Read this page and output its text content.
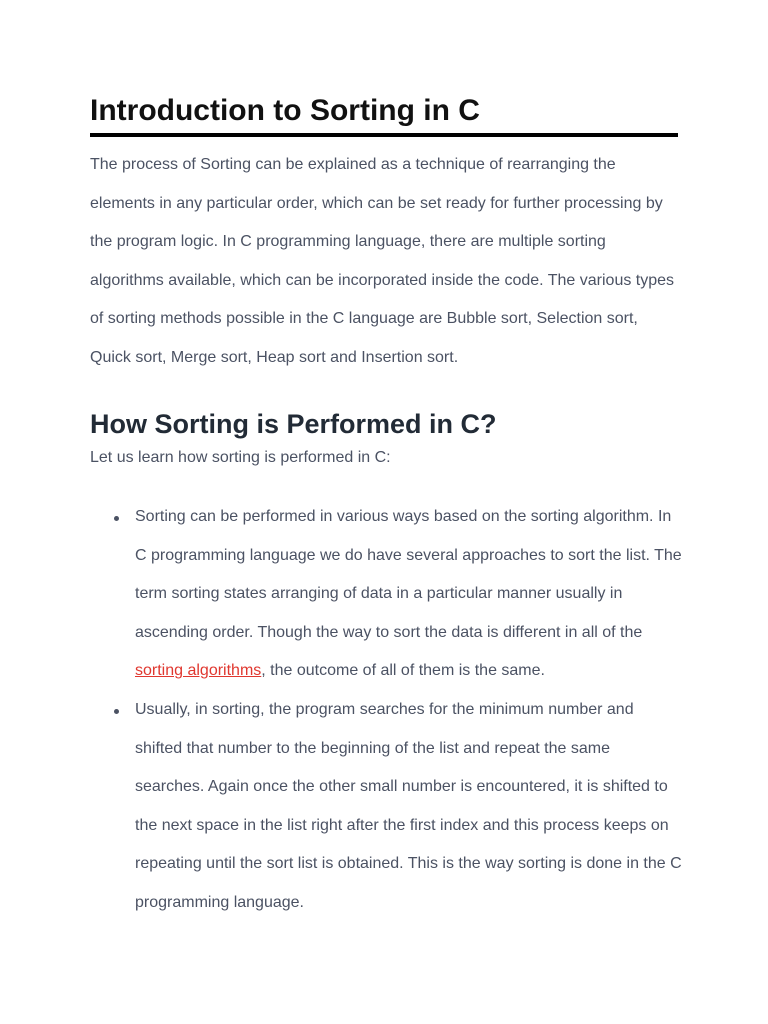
Introduction to Sorting in C

The process of Sorting can be explained as a technique of rearranging the elements in any particular order, which can be set ready for further processing by the program logic. In C programming language, there are multiple sorting algorithms available, which can be incorporated inside the code. The various types of sorting methods possible in the C language are Bubble sort, Selection sort, Quick sort, Merge sort, Heap sort and Insertion sort.

How Sorting is Performed in C?

Let us learn how sorting is performed in C:

Sorting can be performed in various ways based on the sorting algorithm. In C programming language we do have several approaches to sort the list. The term sorting states arranging of data in a particular manner usually in ascending order. Though the way to sort the data is different in all of the sorting algorithms, the outcome of all of them is the same.
Usually, in sorting, the program searches for the minimum number and shifted that number to the beginning of the list and repeat the same searches. Again once the other small number is encountered, it is shifted to the next space in the list right after the first index and this process keeps on repeating until the sort list is obtained. This is the way sorting is done in the C programming language.
